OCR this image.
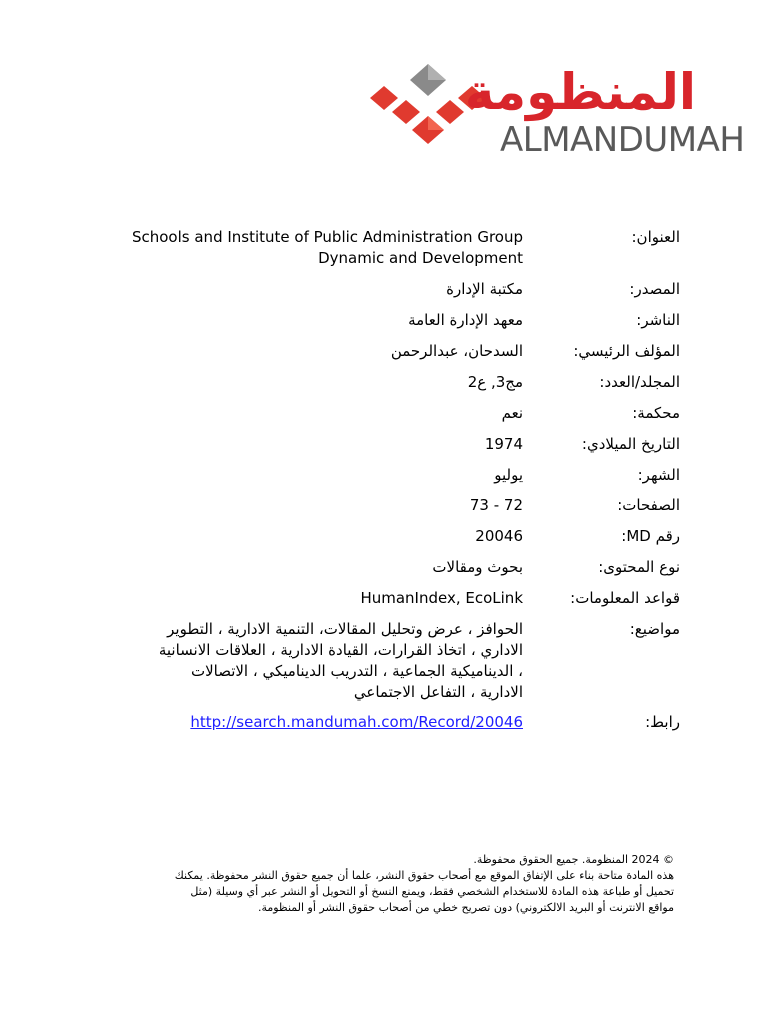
المنظومة
ALMANDUMAH
العنوان:
Schools and Institute of Public Administration Group
Dynamic and Development
المصدر:
مكتبة الإدارة
الناشر:
معهد الإدارة العامة
المؤلف الرئيسي:
السدحان، عبدالرحمن
المجلد/العدد:
مج3, ع2
محكمة:
نعم
التاريخ الميلادي:
1974
الشهر:
يوليو
الصفحات:
72 - 73
رقم MD:
20046
نوع المحتوى:
بحوث ومقالات
قواعد المعلومات:
HumanIndex, EcoLink
مواضيع:
الحوافز ، عرض وتحليل المقالات، التنمية الادارية ، التطوير
الاداري ، اتخاذ القرارات، القيادة الادارية ، العلاقات الانسانية
، الديناميكية الجماعية ، التدريب الديناميكي ، الاتصالات
الادارية ، التفاعل الاجتماعي
رابط:
http://search.mandumah.com/Record/20046
© 2024 المنظومة. جميع الحقوق محفوظة.
هذه المادة متاحة بناء على الإتفاق الموقع مع أصحاب حقوق النشر، علما أن جميع حقوق النشر محفوظة. يمكنك
تحميل أو طباعة هذه المادة للاستخدام الشخصي فقط، ويمنع النسخ أو التحويل أو النشر عبر أي وسيلة (مثل
مواقع الانترنت أو البريد الالكتروني) دون تصريح خطي من أصحاب حقوق النشر أو المنظومة.
